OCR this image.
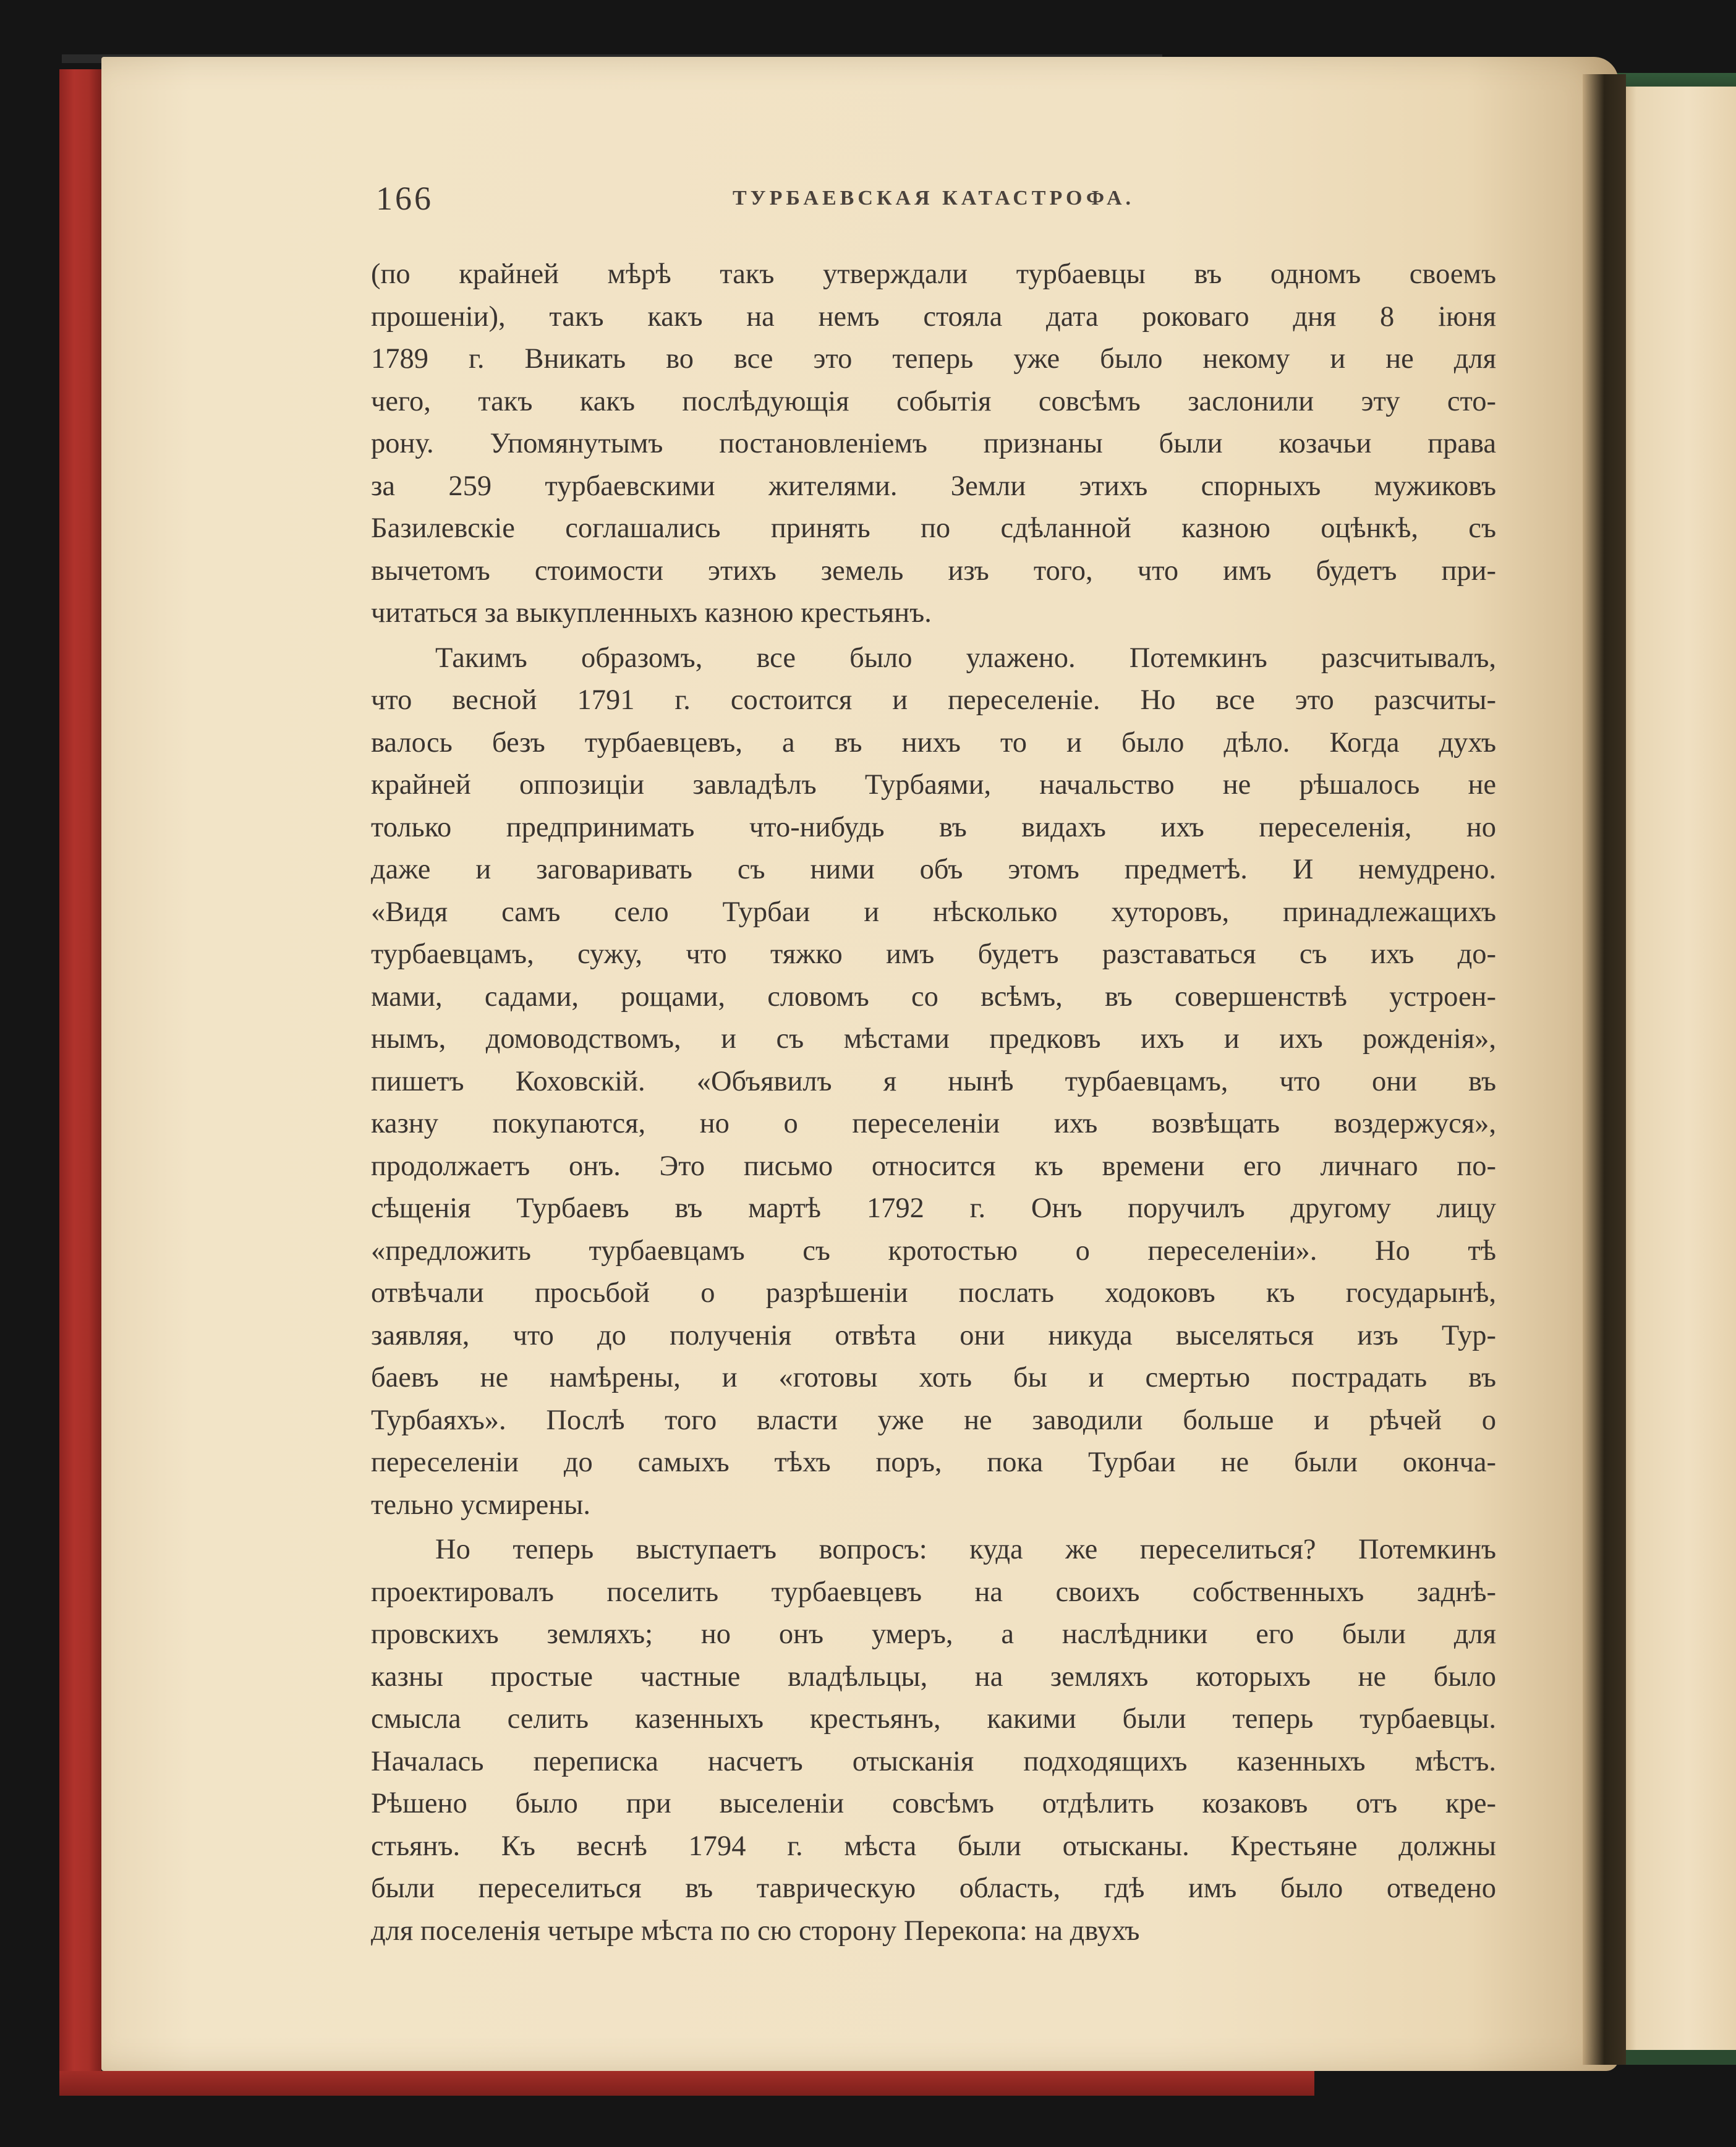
166	ТУРБАЕВСКАЯ КАТАСТРОФА.
(по крайней мѣрѣ такъ утверждали турбаевцы въ одномъ своемъ
прошеніи), такъ какъ на немъ стояла дата роковаго дня 8 іюня
1789 г. Вникать во все это теперь уже было некому и не для
чего, такъ какъ послѣдующія событія совсѣмъ заслонили эту сто-
рону. Упомянутымъ постановленіемъ признаны были козачьи права
за 259 турбаевскими жителями. Земли этихъ спорныхъ мужиковъ
Базилевскіе соглашались принять по сдѣланной казною оцѣнкѣ, съ
вычетомъ стоимости этихъ земель изъ того, что имъ будетъ при-
читаться за выкупленныхъ казною крестьянъ.
Такимъ образомъ, все было улажено. Потемкинъ разсчитывалъ,
что весной 1791 г. состоится и переселеніе. Но все это разсчиты-
валось безъ турбаевцевъ, а въ нихъ то и было дѣло. Когда духъ
крайней оппозиціи завладѣлъ Турбаями, начальство не рѣшалось не
только предпринимать что-нибудь въ видахъ ихъ переселенія, но
даже и заговаривать съ ними объ этомъ предметѣ. И немудрено.
«Видя самъ село Турбаи и нѣсколько хуторовъ, принадлежащихъ
турбаевцамъ, сужу, что тяжко имъ будетъ разставаться съ ихъ до-
мами, садами, рощами, словомъ со всѣмъ, въ совершенствѣ устроен-
нымъ, домоводствомъ, и съ мѣстами предковъ ихъ и ихъ рожденія»,
пишетъ Коховскій. «Объявилъ я нынѣ турбаевцамъ, что они въ
казну покупаются, но о переселеніи ихъ возвѣщать воздержуся»,
продолжаетъ онъ. Это письмо относится къ времени его личнаго по-
сѣщенія Турбаевъ въ мартѣ 1792 г. Онъ поручилъ другому лицу
«предложить турбаевцамъ съ кротостью о переселеніи». Но тѣ
отвѣчали просьбой о разрѣшеніи послать ходоковъ къ государынѣ,
заявляя, что до полученія отвѣта они никуда выселяться изъ Тур-
баевъ не намѣрены, и «готовы хоть бы и смертью пострадать въ
Турбаяхъ». Послѣ того власти уже не заводили больше и рѣчей о
переселеніи до самыхъ тѣхъ поръ, пока Турбаи не были оконча-
тельно усмирены.
Но теперь выступаетъ вопросъ: куда же переселиться? Потемкинъ
проектировалъ поселить турбаевцевъ на своихъ собственныхъ заднѣ-
провскихъ земляхъ; но онъ умеръ, а наслѣдники его были для
казны простые частные владѣльцы, на земляхъ которыхъ не было
смысла селить казенныхъ крестьянъ, какими были теперь турбаевцы.
Началась переписка насчетъ отысканія подходящихъ казенныхъ мѣстъ.
Рѣшено было при выселеніи совсѣмъ отдѣлить козаковъ отъ кре-
стьянъ. Къ веснѣ 1794 г. мѣста были отысканы. Крестьяне должны
были переселиться въ таврическую область, гдѣ имъ было отведено
для поселенія четыре мѣста по сю сторону Перекопа: на двухъ
